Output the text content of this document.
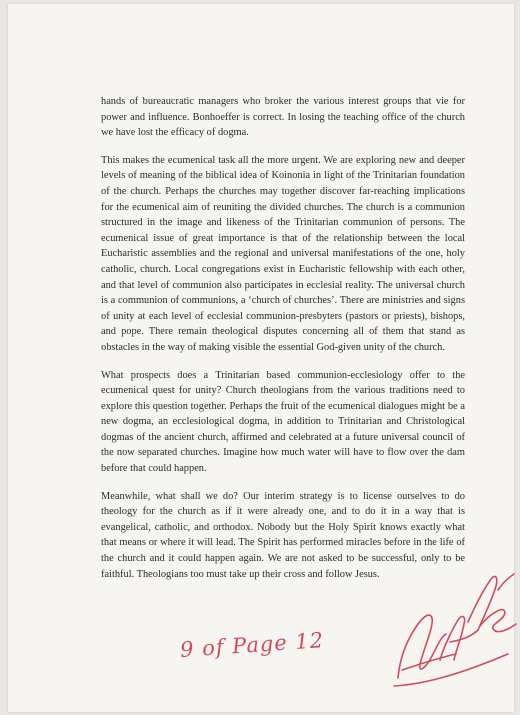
hands of bureaucratic managers who broker the various interest groups that vie for power and influence. Bonhoeffer is correct. In losing the teaching office of the church we have lost the efficacy of dogma.

This makes the ecumenical task all the more urgent. We are exploring new and deeper levels of meaning of the biblical idea of Koinonia in light of the Trinitarian foundation of the church. Perhaps the churches may together discover far-reaching implications for the ecumenical aim of reuniting the divided churches. The church is a communion structured in the image and likeness of the Trinitarian communion of persons. The ecumenical issue of great importance is that of the relationship between the local Eucharistic assemblies and the regional and universal manifestations of the one, holy catholic, church. Local congregations exist in Eucharistic fellowship with each other, and that level of communion also participates in ecclesial reality. The universal church is a communion of communions, a ‘church of churches’. There are ministries and signs of unity at each level of ecclesial communion-presbyters (pastors or priests), bishops, and pope. There remain theological disputes concerning all of them that stand as obstacles in the way of making visible the essential God-given unity of the church.

What prospects does a Trinitarian based communion-ecclesiology offer to the ecumenical quest for unity? Church theologians from the various traditions need to explore this question together. Perhaps the fruit of the ecumenical dialogues might be a new dogma, an ecclesiological dogma, in addition to Trinitarian and Christological dogmas of the ancient church, affirmed and celebrated at a future universal council of the now separated churches. Imagine how much water will have to flow over the dam before that could happen.

Meanwhile, what shall we do? Our interim strategy is to license ourselves to do theology for the church as if it were already one, and to do it in a way that is evangelical, catholic, and orthodox. Nobody but the Holy Spirit knows exactly what that means or where it will lead. The Spirit has performed miracles before in the life of the church and it could happen again. We are not asked to be successful, only to be faithful. Theologians too must take up their cross and follow Jesus.

9 of Page 12
